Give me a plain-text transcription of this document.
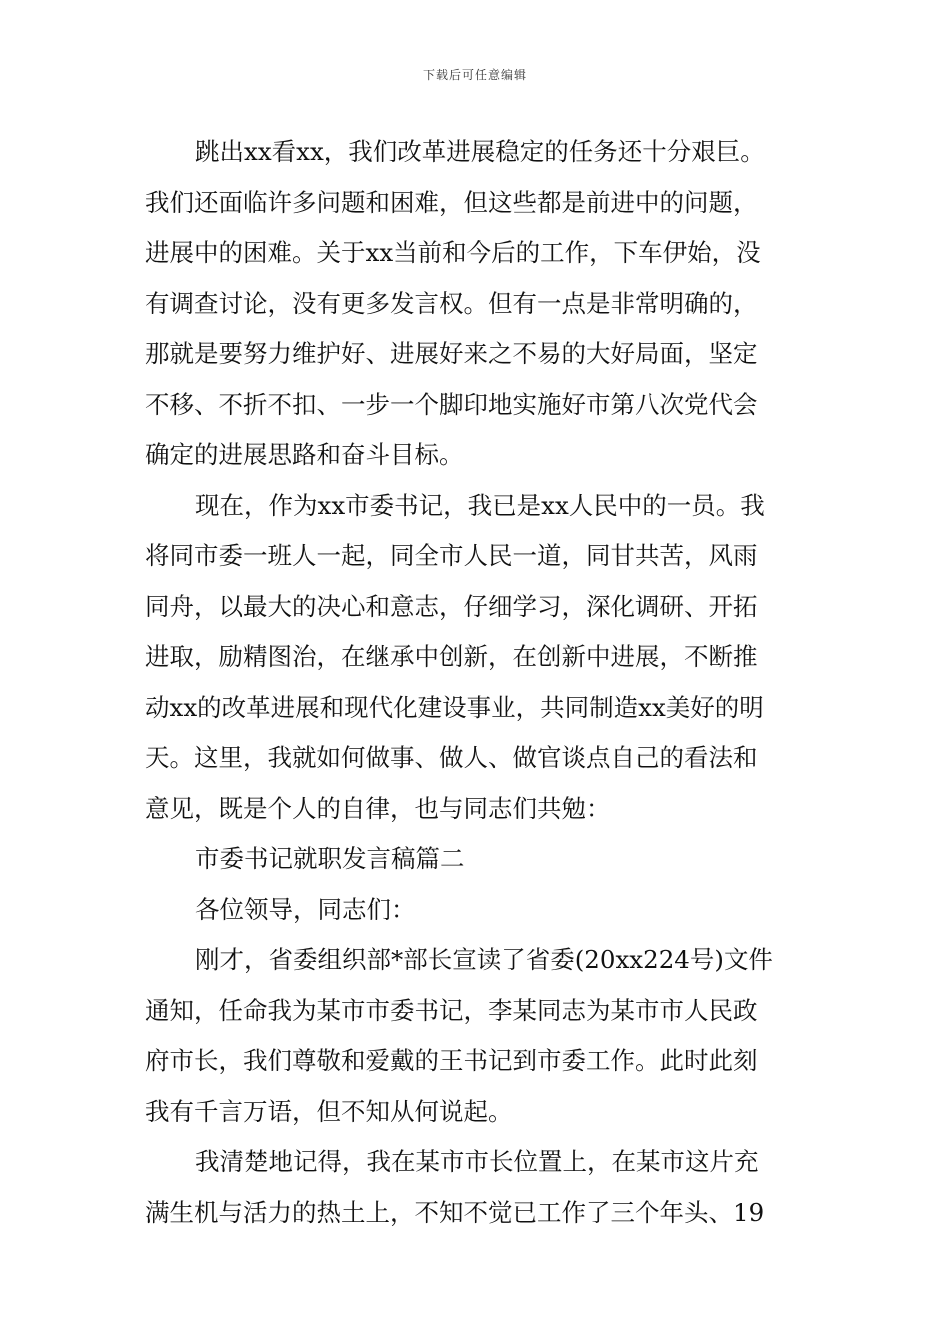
下载后可任意编辑
跳出xx看xx，我们改革进展稳定的任务还十分艰巨。
我们还面临许多问题和困难，但这些都是前进中的问题，
进展中的困难。关于xx当前和今后的工作，下车伊始，没
有调查讨论，没有更多发言权。但有一点是非常明确的，
那就是要努力维护好、进展好来之不易的大好局面，坚定
不移、不折不扣、一步一个脚印地实施好市第八次党代会
确定的进展思路和奋斗目标。
现在，作为xx市委书记，我已是xx人民中的一员。我
将同市委一班人一起，同全市人民一道，同甘共苦，风雨
同舟，以最大的决心和意志，仔细学习，深化调研、开拓
进取，励精图治，在继承中创新，在创新中进展，不断推
动xx的改革进展和现代化建设事业，共同制造xx美好的明
天。这里，我就如何做事、做人、做官谈点自己的看法和
意见，既是个人的自律，也与同志们共勉：
市委书记就职发言稿篇二
各位领导，同志们：
刚才，省委组织部*部长宣读了省委(20xx224号)文件
通知，任命我为某市市委书记，李某同志为某市市人民政
府市长，我们尊敬和爱戴的王书记到市委工作。此时此刻
我有千言万语，但不知从何说起。
我清楚地记得，我在某市市长位置上，在某市这片充
满生机与活力的热土上，不知不觉已工作了三个年头、19
